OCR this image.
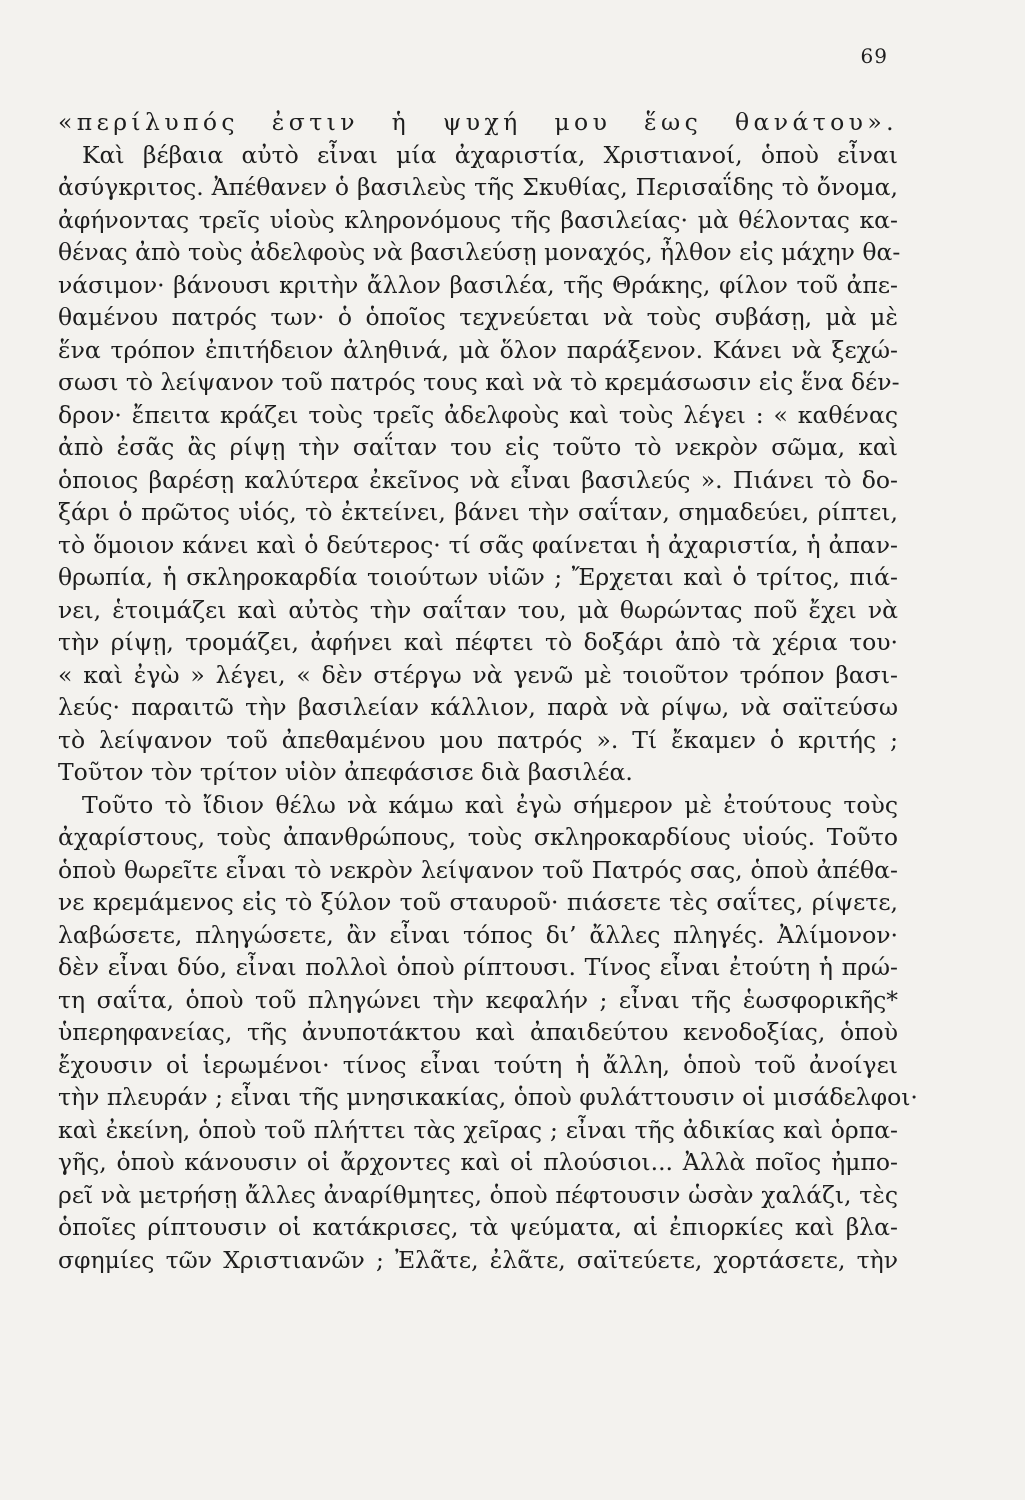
69
«περίλυπός ἐστιν ἡ ψυχή μου ἕως θανάτου».
Καὶ βέβαια αὐτὸ εἶναι μία ἀχαριστία, Χριστιανοί, ὁποὺ εἶναι
ἀσύγκριτος. Ἀπέθανεν ὁ βασιλεὺς τῆς Σκυθίας, Περισαΐδης τὸ ὄνομα,
ἀφήνοντας τρεῖς υἱοὺς κληρονόμους τῆς βασιλείας· μὰ θέλοντας κα-
θένας ἀπὸ τοὺς ἀδελφοὺς νὰ βασιλεύσῃ μοναχός, ἦλθον εἰς μάχην θα-
νάσιμον· βάνουσι κριτὴν ἄλλον βασιλέα, τῆς Θράκης, φίλον τοῦ ἀπε-
θαμένου πατρός των· ὁ ὁποῖος τεχνεύεται νὰ τοὺς συβάσῃ, μὰ μὲ
ἕνα τρόπον ἐπιτήδειον ἀληθινά, μὰ ὅλον παράξενον. Κάνει νὰ ξεχώ-
σωσι τὸ λείψανον τοῦ πατρός τους καὶ νὰ τὸ κρεμάσωσιν εἰς ἕνα δέν-
δρον· ἔπειτα κράζει τοὺς τρεῖς ἀδελφοὺς καὶ τοὺς λέγει : « καθένας
ἀπὸ ἐσᾶς ἂς ρίψῃ τὴν σαΐταν του εἰς τοῦτο τὸ νεκρὸν σῶμα, καὶ
ὁποιος βαρέσῃ καλύτερα ἐκεῖνος νὰ εἶναι βασιλεύς ». Πιάνει τὸ δο-
ξάρι ὁ πρῶτος υἱός, τὸ ἐκτείνει, βάνει τὴν σαΐταν, σημαδεύει, ρίπτει,
τὸ ὅμοιον κάνει καὶ ὁ δεύτερος· τί σᾶς φαίνεται ἡ ἀχαριστία, ἡ ἀπαν-
θρωπία, ἡ σκληροκαρδία τοιούτων υἱῶν ; Ἔρχεται καὶ ὁ τρίτος, πιά-
νει, ἑτοιμάζει καὶ αὐτὸς τὴν σαΐταν του, μὰ θωρώντας ποῦ ἔχει νὰ
τὴν ρίψῃ, τρομάζει, ἀφήνει καὶ πέφτει τὸ δοξάρι ἀπὸ τὰ χέρια του·
« καὶ ἐγὼ » λέγει, « δὲν στέργω νὰ γενῶ μὲ τοιοῦτον τρόπον βασι-
λεύς· παραιτῶ τὴν βασιλείαν κάλλιον, παρὰ νὰ ρίψω, νὰ σαϊτεύσω
τὸ λείψανον τοῦ ἀπεθαμένου μου πατρός ». Τί ἔκαμεν ὁ κριτής ;
Τοῦτον τὸν τρίτον υἱὸν ἀπεφάσισε διὰ βασιλέα.
Τοῦτο τὸ ἴδιον θέλω νὰ κάμω καὶ ἐγὼ σήμερον μὲ ἐτούτους τοὺς
ἀχαρίστους, τοὺς ἀπανθρώπους, τοὺς σκληροκαρδίους υἱούς. Τοῦτο
ὁποὺ θωρεῖτε εἶναι τὸ νεκρὸν λείψανον τοῦ Πατρός σας, ὁποὺ ἀπέθα-
νε κρεμάμενος εἰς τὸ ξύλον τοῦ σταυροῦ· πιάσετε τὲς σαΐτες, ρίψετε,
λαβώσετε, πληγώσετε, ἂν εἶναι τόπος δι’ ἄλλες πληγές. Ἀλίμονον·
δὲν εἶναι δύο, εἶναι πολλοὶ ὁποὺ ρίπτουσι. Τίνος εἶναι ἐτούτη ἡ πρώ-
τη σαΐτα, ὁποὺ τοῦ πληγώνει τὴν κεφαλήν ; εἶναι τῆς ἑωσφορικῆς*
ὑπερηφανείας, τῆς ἀνυποτάκτου καὶ ἀπαιδεύτου κενοδοξίας, ὁποὺ
ἔχουσιν οἱ ἱερωμένοι· τίνος εἶναι τούτη ἡ ἄλλη, ὁποὺ τοῦ ἀνοίγει
τὴν πλευράν ; εἶναι τῆς μνησικακίας, ὁποὺ φυλάττουσιν οἱ μισάδελφοι·
καὶ ἐκείνη, ὁποὺ τοῦ πλήττει τὰς χεῖρας ; εἶναι τῆς ἀδικίας καὶ ὁρπα-
γῆς, ὁποὺ κάνουσιν οἱ ἄρχοντες καὶ οἱ πλούσιοι... Ἀλλὰ ποῖος ἠμπο-
ρεῖ νὰ μετρήσῃ ἄλλες ἀναρίθμητες, ὁποὺ πέφτουσιν ὡσὰν χαλάζι, τὲς
ὁποῖες ρίπτουσιν οἱ κατάκρισες, τὰ ψεύματα, αἱ ἐπιορκίες καὶ βλα-
σφημίες τῶν Χριστιανῶν ; Ἐλᾶτε, ἐλᾶτε, σαϊτεύετε, χορτάσετε, τὴν
